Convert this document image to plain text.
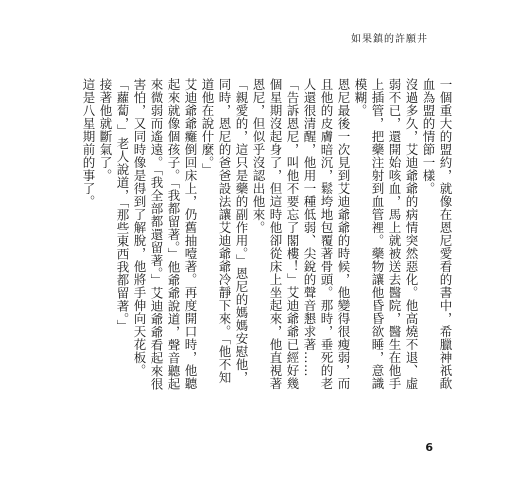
如果鎮的許願井

一個重大的盟約，就像在恩尼愛看的書中，希臘神祇歃血為盟的情節一樣。

沒過多久，艾迪爺爺的病情突然惡化。他高燒不退、虛弱不已，還開始咳血，馬上就被送去醫院，醫生在他手上插管，把藥注射到血管裡。藥物讓他昏昏欲睡，意識模糊。

恩尼最後一次見到艾迪爺爺的時候，他變得很瘦弱，而且他的皮膚暗沉，鬆垮地包覆著骨頭。那時，垂死的老人還很清醒，他用一種低弱、尖銳的聲音懇求著……

「告訴恩尼，叫他不要忘了閣樓！」艾迪爺爺已經好幾個星期沒起身了，但這時他卻從床上坐起來，他直視著恩尼，但似乎沒認出他來。

「親愛的，這只是藥的副作用。」恩尼的媽媽安慰他，同時，恩尼的爸爸設法讓艾迪爺爺冷靜下來。「他不知道他在說什麼。」

艾迪爺爺癱倒回床上，仍舊抽噎著。再度開口時，他聽起來就像個孩子。「我都留著。」他爺爺說道，聲音聽起來微弱而遙遠。「我全部都還留著。」艾迪爺爺看起來很害怕，又同時像是得到了解脫，他將手伸向天花板。

「蘿蔔，」老人說道，「那些東西我都留著。」

接著他就斷氣了。

這是八星期前的事了。

6
